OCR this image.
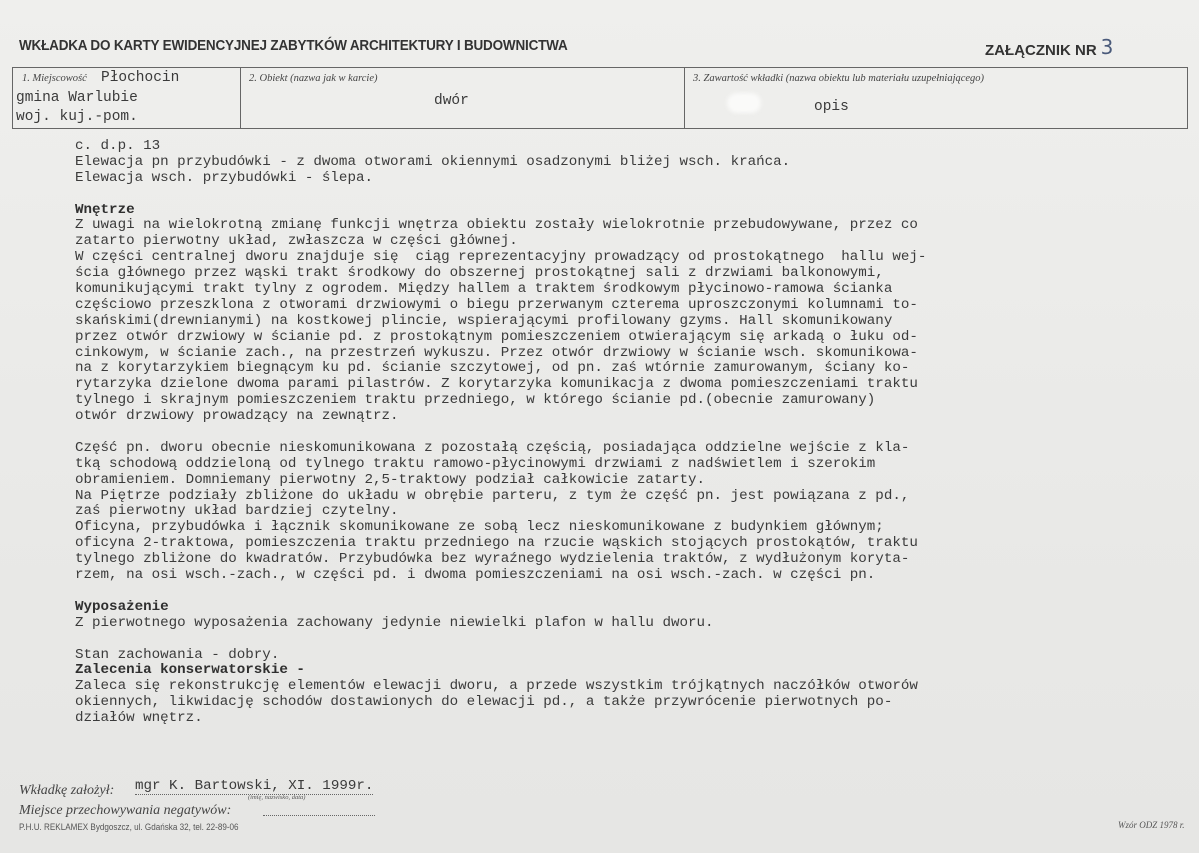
WKŁADKA DO KARTY EWIDENCYJNEJ ZABYTKÓW ARCHITEKTURY I BUDOWNICTWA	ZAŁĄCZNIK NR 3
1. Miejscowość Płochocin
gmina Warlubie
woj. kuj.-pom.
2. Obiekt (nazwa jak w karcie)
dwór
3. Zawartość wkładki (nazwa obiektu lub materiału uzupełniającego)
opis
c. d.p. 13
Elewacja pn przybudówki - z dwoma otworami okiennymi osadzonymi bliżej wsch. krańca.
Elewacja wsch. przybudówki - ślepa.
Wnętrze
Z uwagi na wielokrotną zmianę funkcji wnętrza obiektu zostały wielokrotnie przebudowywane, przez co
zatarto pierwotny układ, zwłaszcza w części głównej.
W części centralnej dworu znajduje się  ciąg reprezentacyjny prowadzący od prostokątnego  hallu wej-
ścia głównego przez wąski trakt środkowy do obszernej prostokątnej sali z drzwiami balkonowymi,
komunikującymi trakt tylny z ogrodem. Między hallem a traktem środkowym płycinowo-ramowa ścianka
częściowo przeszklona z otworami drzwiowymi o biegu przerwanym czterema uproszczonymi kolumnami to-
skańskimi(drewnianymi) na kostkowej plincie, wspierającymi profilowany gzyms. Hall skomunikowany
przez otwór drzwiowy w ścianie pd. z prostokątnym pomieszczeniem otwierającym się arkadą o łuku od-
cinkowym, w ścianie zach., na przestrzeń wykuszu. Przez otwór drzwiowy w ścianie wsch. skomunikowa-
na z korytarzykiem biegnącym ku pd. ścianie szczytowej, od pn. zaś wtórnie zamurowanym, ściany ko-
rytarzyka dzielone dwoma parami pilastrów. Z korytarzyka komunikacja z dwoma pomieszczeniami traktu
tylnego i skrajnym pomieszczeniem traktu przedniego, w którego ścianie pd.(obecnie zamurowany)
otwór drzwiowy prowadzący na zewnątrz.
Część pn. dworu obecnie nieskomunikowana z pozostałą częścią, posiadająca oddzielne wejście z kla-
tką schodową oddzieloną od tylnego traktu ramowo-płycinowymi drzwiami z nadświetlem i szerokim
obramieniem. Domniemany pierwotny 2,5-traktowy podział całkowicie zatarty.
Na Piętrze podziały zbliżone do układu w obrębie parteru, z tym że część pn. jest powiązana z pd.,
zaś pierwotny układ bardziej czytelny.
Oficyna, przybudówka i łącznik skomunikowane ze sobą lecz nieskomunikowane z budynkiem głównym;
oficyna 2-traktowa, pomieszczenia traktu przedniego na rzucie wąskich stojących prostokątów, traktu
tylnego zbliżone do kwadratów. Przybudówka bez wyraźnego wydzielenia traktów, z wydłużonym koryta-
rzem, na osi wsch.-zach., w części pd. i dwoma pomieszczeniami na osi wsch.-zach. w części pn.
Wyposażenie
Z pierwotnego wyposażenia zachowany jedynie niewielki plafon w hallu dworu.
Stan zachowania - dobry.
Zalecenia konserwatorskie -
Zaleca się rekonstrukcję elementów elewacji dworu, a przede wszystkim trójkątnych naczółków otworów
okiennych, likwidację schodów dostawionych do elewacji pd., a także przywrócenie pierwotnych po-
działów wnętrz.
Wkładkę założył: mgr K. Bartowski, XI. 1999r.
(imię, nazwisko, data)
Miejsce przechowywania negatywów:
P.H.U. REKLAMEX Bydgoszcz, ul. Gdańska 32, tel. 22-89-06	Wzór ODZ 1978 r.
